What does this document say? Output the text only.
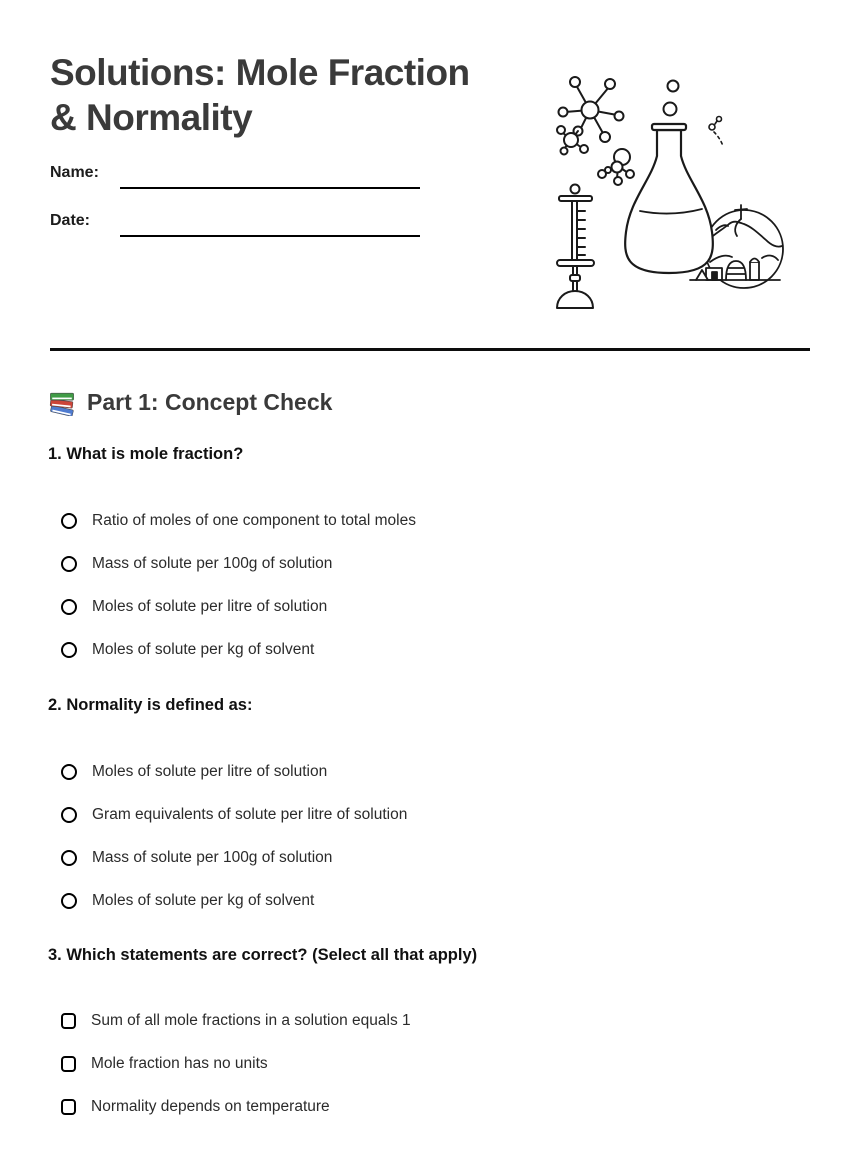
Solutions: Mole Fraction
& Normality
Name:
Date:
Part 1: Concept Check
1. What is mole fraction?
Ratio of moles of one component to total moles
Mass of solute per 100g of solution
Moles of solute per litre of solution
Moles of solute per kg of solvent
2. Normality is defined as:
Moles of solute per litre of solution
Gram equivalents of solute per litre of solution
Mass of solute per 100g of solution
Moles of solute per kg of solvent
3. Which statements are correct? (Select all that apply)
Sum of all mole fractions in a solution equals 1
Mole fraction has no units
Normality depends on temperature
